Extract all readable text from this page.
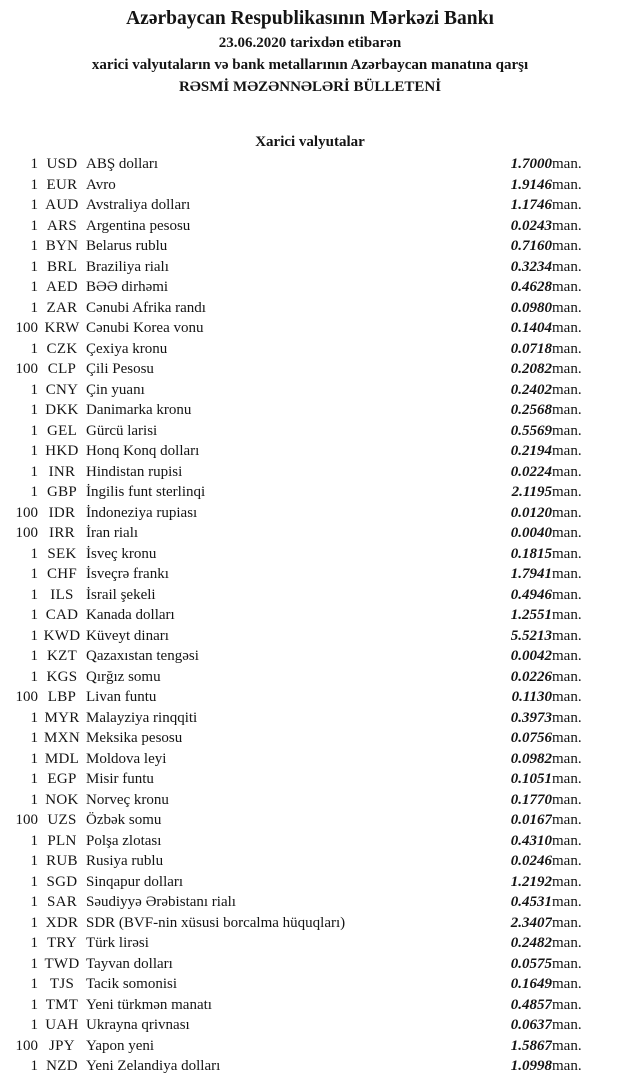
Azərbaycan Respublikasının Mərkəzi Bankı
23.06.2020 tarixdən etibarən
xarici valyutaların və bank metallarının Azərbaycan manatına qarşı
RƏSMİ MƏZƏNNƏLƏRİ BÜLLETENİ
Xarici valyutalar
1	USD	ABŞ dolları	1.7000	man.
1	EUR	Avro	1.9146	man.
1	AUD	Avstraliya dolları	1.1746	man.
1	ARS	Argentina pesosu	0.0243	man.
1	BYN	Belarus rublu	0.7160	man.
1	BRL	Braziliya rialı	0.3234	man.
1	AED	BƏƏ dirhəmi	0.4628	man.
1	ZAR	Cənubi Afrika randı	0.0980	man.
100	KRW	Cənubi Korea vonu	0.1404	man.
1	CZK	Çexiya kronu	0.0718	man.
100	CLP	Çili Pesosu	0.2082	man.
1	CNY	Çin yuanı	0.2402	man.
1	DKK	Danimarka kronu	0.2568	man.
1	GEL	Gürcü larisi	0.5569	man.
1	HKD	Honq Konq dolları	0.2194	man.
1	INR	Hindistan rupisi	0.0224	man.
1	GBP	İngilis funt sterlinqi	2.1195	man.
100	IDR	İndoneziya rupiası	0.0120	man.
100	IRR	İran rialı	0.0040	man.
1	SEK	İsveç kronu	0.1815	man.
1	CHF	İsveçrə frankı	1.7941	man.
1	ILS	İsrail şekeli	0.4946	man.
1	CAD	Kanada dolları	1.2551	man.
1	KWD	Küveyt dinarı	5.5213	man.
1	KZT	Qazaxıstan tengəsi	0.0042	man.
1	KGS	Qırğız somu	0.0226	man.
100	LBP	Livan funtu	0.1130	man.
1	MYR	Malayziya rinqqiti	0.3973	man.
1	MXN	Meksika pesosu	0.0756	man.
1	MDL	Moldova leyi	0.0982	man.
1	EGP	Misir funtu	0.1051	man.
1	NOK	Norveç kronu	0.1770	man.
100	UZS	Özbək somu	0.0167	man.
1	PLN	Polşa zlotası	0.4310	man.
1	RUB	Rusiya rublu	0.0246	man.
1	SGD	Sinqapur dolları	1.2192	man.
1	SAR	Səudiyyə Ərəbistanı rialı	0.4531	man.
1	XDR	SDR (BVF-nin xüsusi borcalma hüquqları)	2.3407	man.
1	TRY	Türk lirəsi	0.2482	man.
1	TWD	Tayvan dolları	0.0575	man.
1	TJS	Tacik somonisi	0.1649	man.
1	TMT	Yeni türkmən manatı	0.4857	man.
1	UAH	Ukrayna qrivnası	0.0637	man.
100	JPY	Yapon yeni	1.5867	man.
1	NZD	Yeni Zelandiya dolları	1.0998	man.
